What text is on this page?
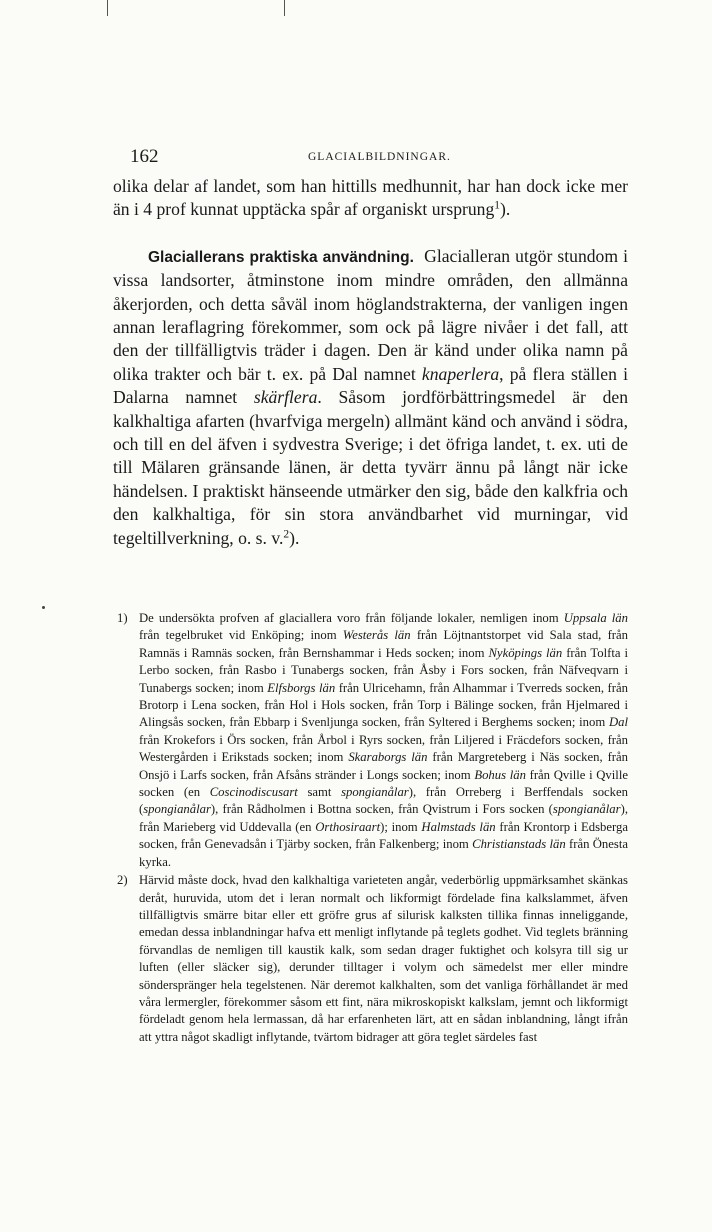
162	GLACIALBILDNINGAR.

olika delar af landet, som han hittills medhunnit, har han dock icke mer än i 4 prof kunnat upptäcka spår af organiskt ursprung$^1$).

Glaciallerans praktiska användning. Glacialleran utgör stundom i vissa landsorter, åtminstone inom mindre områden, den allmänna åkerjorden, och detta såväl inom höglandstrakterna, der vanligen ingen annan leraflagring förekommer, som ock på lägre nivåer i det fall, att den der tillfälligtvis träder i dagen. Den är känd under olika namn på olika trakter och bär t. ex. på Dal namnet knaperlera, på flera ställen i Dalarna namnet skärflera. Såsom jordförbättringsmedel är den kalkhaltiga afarten (hvarfviga mergeln) allmänt känd och använd i södra, och till en del äfven i sydvestra Sverige; i det öfriga landet, t. ex. uti de till Mälaren gränsande länen, är detta tyvärr ännu på långt när icke händelsen. I praktiskt hänseende utmärker den sig, både den kalkfria och den kalkhaltiga, för sin stora användbarhet vid murningar, vid tegeltillverkning, o. s. v.$^2$).

1) De undersökta profven af glaciallera voro från följande lokaler, nemligen inom Uppsala län från tegelbruket vid Enköping; inom Westerås län från Löjtnantstorpet vid Sala stad, från Ramnäs i Ramnäs socken, från Bernshammar i Heds socken; inom Nyköpings län från Tolfta i Lerbo socken, från Rasbo i Tunabergs socken, från Åsby i Fors socken, från Näfveqvarn i Tunabergs socken; inom Elfsborgs län från Ulricehamn, från Alhammar i Tverreds socken, från Brotorp i Lena socken, från Hol i Hols socken, från Torp i Bälinge socken, från Hjelmared i Alingsås socken, från Ebbarp i Svenljunga socken, från Syltered i Berghems socken; inom Dal från Krokefors i Örs socken, från Årbol i Ryrs socken, från Liljered i Fräcdefors socken, från Westergården i Erikstads socken; inom Skaraborgs län från Margreteberg i Näs socken, från Onsjö i Larfs socken, från Afsåns stränder i Longs socken; inom Bohus län från Qville i Qville socken (en Coscinodiscusart samt spongianålar), från Orreberg i Berffendals socken (spongianålar), från Rådholmen i Bottna socken, från Qvistrum i Fors socken (spongianålar), från Marieberg vid Uddevalla (en Orthosiraart); inom Halmstads län från Krontorp i Edsberga socken, från Genevadsån i Tjärby socken, från Falkenberg; inom Christianstads län från Önesta kyrka.
2) Härvid måste dock, hvad den kalkhaltiga varieteten angår, vederbörlig uppmärksamhet skänkas deråt, huruvida, utom det i leran normalt och likformigt fördelade fina kalkslammet, äfven tillfälligtvis smärre bitar eller ett gröfre grus af silurisk kalksten tillika finnas inneliggande, emedan dessa inblandningar hafva ett menligt inflytande på teglets godhet. Vid teglets bränning förvandlas de nemligen till kaustik kalk, som sedan drager fuktighet och kolsyra till sig ur luften (eller släcker sig), derunder tilltager i volym och sämedelst mer eller mindre sönderspränger hela tegelstenen. När deremot kalkhalten, som det vanliga förhållandet är med våra lermergler, förekommer såsom ett fint, nära mikroskopiskt kalkslam, jemnt och likformigt fördeladt genom hela lermassan, då har erfarenheten lärt, att en sådan inblandning, långt ifrån att yttra något skadligt inflytande, tvärtom bidrager att göra teglet särdeles fast
